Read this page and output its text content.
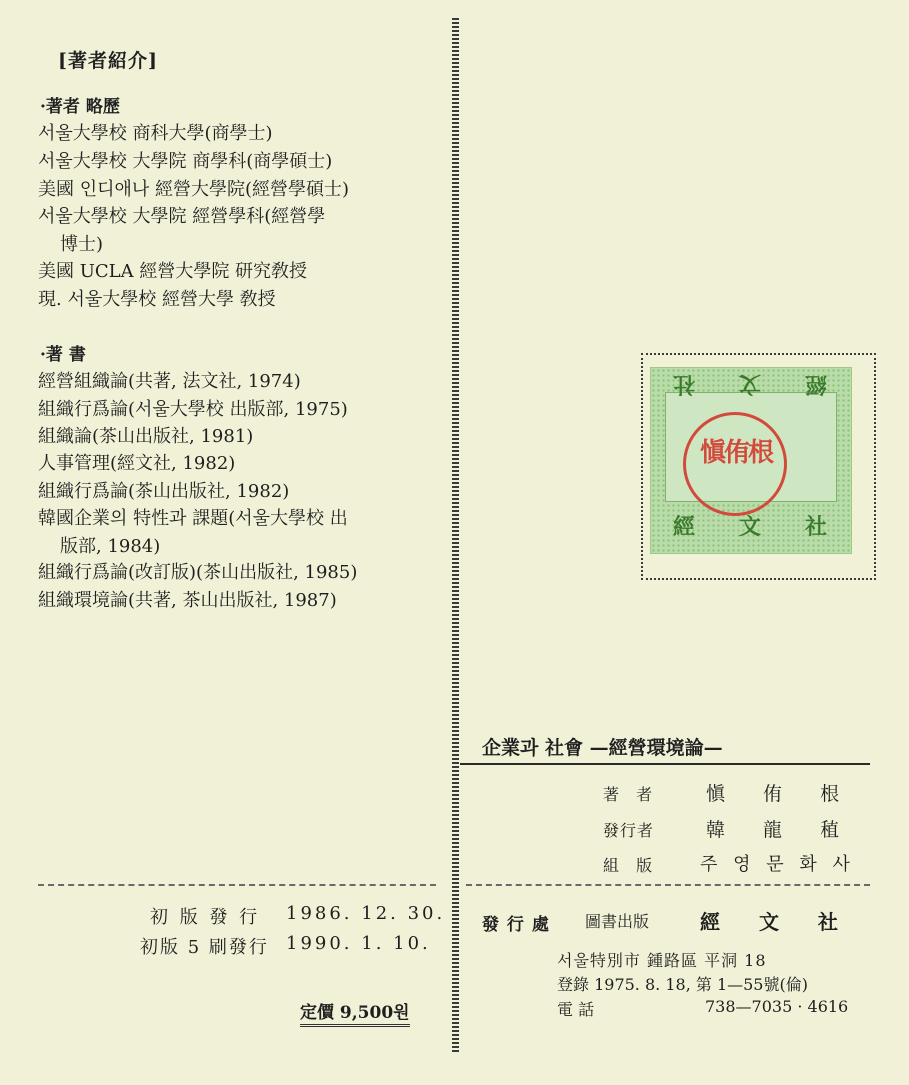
[著者紹介]
·著者 略歷
서울大學校 商科大學(商學士)
서울大學校 大學院 商學科(商學碩士)
美國 인디애나 經營大學院(經營學碩士)
서울大學校 大學院 經營學科(經營學
博士)
美國 UCLA 經營大學院 研究敎授
現. 서울大學校 經營大學 敎授
·著 書
經營組織論(共著, 法文社, 1974)
組織行爲論(서울大學校 出版部, 1975)
組織論(茶山出版社, 1981)
人事管理(經文社, 1982)
組織行爲論(茶山出版社, 1982)
韓國企業의 特性과 課題(서울大學校 出
版部, 1984)
組織行爲論(改訂版)(茶山出版社, 1985)
組織環境論(共著, 茶山出版社, 1987)
初 版 發 行 1986. 12. 30.
初版 5 刷發行 1990. 1. 10.
定價 9,500원
社 文 經
經 文 社
愼侑根
企業과 社會 —經營環境論—
著 者	愼 侑 根
發行者	韓 龍 稙
組 版 주 영 문 화 사
發 行 處 圖書出版	經 文 社
서울特別市 鍾路區 平洞 18
登錄 1975. 8. 18, 第 1—55號(倫)
電 話	738—7035 · 4616
